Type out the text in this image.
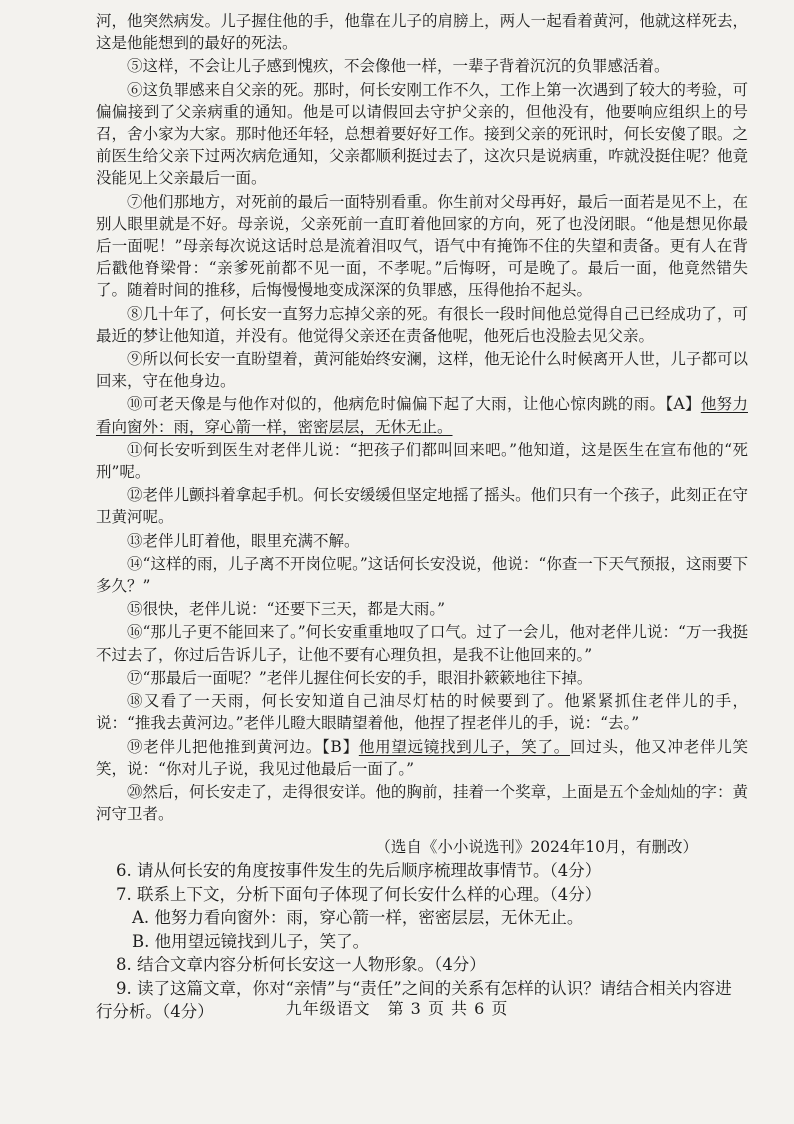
河，他突然病发。儿子握住他的手，他靠在儿子的肩膀上，两人一起看着黄河，他就这样死去，这是他能想到的最好的死法。

⑤这样，不会让儿子感到愧疚，不会像他一样，一辈子背着沉沉的负罪感活着。

⑥这负罪感来自父亲的死。那时，何长安刚工作不久，工作上第一次遇到了较大的考验，可偏偏接到了父亲病重的通知。他是可以请假回去守护父亲的，但他没有，他要响应组织上的号召，舍小家为大家。那时他还年轻，总想着要好好工作。接到父亲的死讯时，何长安傻了眼。之前医生给父亲下过两次病危通知，父亲都顺利挺过去了，这次只是说病重，咋就没挺住呢？他竟没能见上父亲最后一面。

⑦他们那地方，对死前的最后一面特别看重。你生前对父母再好，最后一面若是见不上，在别人眼里就是不好。母亲说，父亲死前一直盯着他回家的方向，死了也没闭眼。“他是想见你最后一面呢！”母亲每次说这话时总是流着泪叹气，语气中有掩饰不住的失望和责备。更有人在背后戳他脊梁骨：“亲爹死前都不见一面，不孝呢。”后悔呀，可是晚了。最后一面，他竟然错失了。随着时间的推移，后悔慢慢地变成深深的负罪感，压得他抬不起头。

⑧几十年了，何长安一直努力忘掉父亲的死。有很长一段时间他总觉得自己已经成功了，可最近的梦让他知道，并没有。他觉得父亲还在责备他呢，他死后也没脸去见父亲。

⑨所以何长安一直盼望着，黄河能始终安澜，这样，他无论什么时候离开人世，儿子都可以回来，守在他身边。

⑩可老天像是与他作对似的，他病危时偏偏下起了大雨，让他心惊肉跳的雨。【A】他努力看向窗外：雨，穿心箭一样，密密层层，无休无止。

⑪何长安听到医生对老伴儿说：“把孩子们都叫回来吧。”他知道，这是医生在宣布他的“死刑”呢。

⑫老伴儿颤抖着拿起手机。何长安缓缓但坚定地摇了摇头。他们只有一个孩子，此刻正在守卫黄河呢。

⑬老伴儿盯着他，眼里充满不解。

⑭“这样的雨，儿子离不开岗位呢。”这话何长安没说，他说：“你查一下天气预报，这雨要下多久？”

⑮很快，老伴儿说：“还要下三天，都是大雨。”

⑯“那儿子更不能回来了。”何长安重重地叹了口气。过了一会儿，他对老伴儿说：“万一我挺不过去了，你过后告诉儿子，让他不要有心理负担，是我不让他回来的。”

⑰“那最后一面呢？”老伴儿握住何长安的手，眼泪扑簌簌地往下掉。

⑱又看了一天雨，何长安知道自己油尽灯枯的时候要到了。他紧紧抓住老伴儿的手，说：“推我去黄河边。”老伴儿瞪大眼睛望着他，他捏了捏老伴儿的手，说：“去。”

⑲老伴儿把他推到黄河边。【B】他用望远镜找到儿子，笑了。回过头，他又冲老伴儿笑笑，说：“你对儿子说，我见过他最后一面了。”

⑳然后，何长安走了，走得很安详。他的胸前，挂着一个奖章，上面是五个金灿灿的字：黄河守卫者。

（选自《小小说选刊》2024年10月，有删改）

6. 请从何长安的角度按事件发生的先后顺序梳理故事情节。（4分）

7. 联系上下文，分析下面句子体现了何长安什么样的心理。（4分）

A. 他努力看向窗外：雨，穿心箭一样，密密层层，无休无止。

B. 他用望远镜找到儿子，笑了。

8. 结合文章内容分析何长安这一人物形象。（4分）

9. 读了这篇文章，你对“亲情”与“责任”之间的关系有怎样的认识？请结合相关内容进行分析。（4分）	九年级语文　第 3 页 共 6 页
